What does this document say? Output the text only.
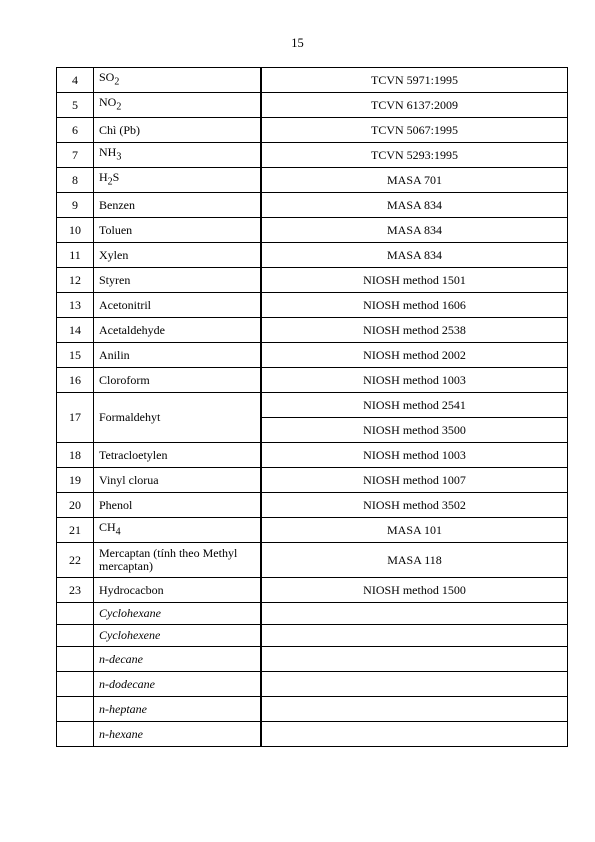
15
4	$SO_2$	TCVN 5971:1995
5	$NO_2$	TCVN 6137:2009
6	Chì (Pb)	TCVN 5067:1995
7	$NH_3$	TCVN 5293:1995
8	$H_2S$	MASA 701
9	Benzen	MASA 834
10	Toluen	MASA 834
11	Xylen	MASA 834
12	Styren	NIOSH method 1501
13	Acetonitril	NIOSH method 1606
14	Acetaldehyde	NIOSH method 2538
15	Anilin	NIOSH method 2002
16	Cloroform	NIOSH method 1003
17	Formaldehyt	NIOSH method 2541
		NIOSH method 3500
18	Tetracloetylen	NIOSH method 1003
19	Vinyl clorua	NIOSH method 1007
20	Phenol	NIOSH method 3502
21	$CH_4$	MASA 101
22	Mercaptan (tính theo Methyl mercaptan)	MASA 118
23	Hydrocacbon	NIOSH method 1500
	Cyclohexane	
	Cyclohexene	
	n-decane	
	n-dodecane	
	n-heptane	
	n-hexane	
